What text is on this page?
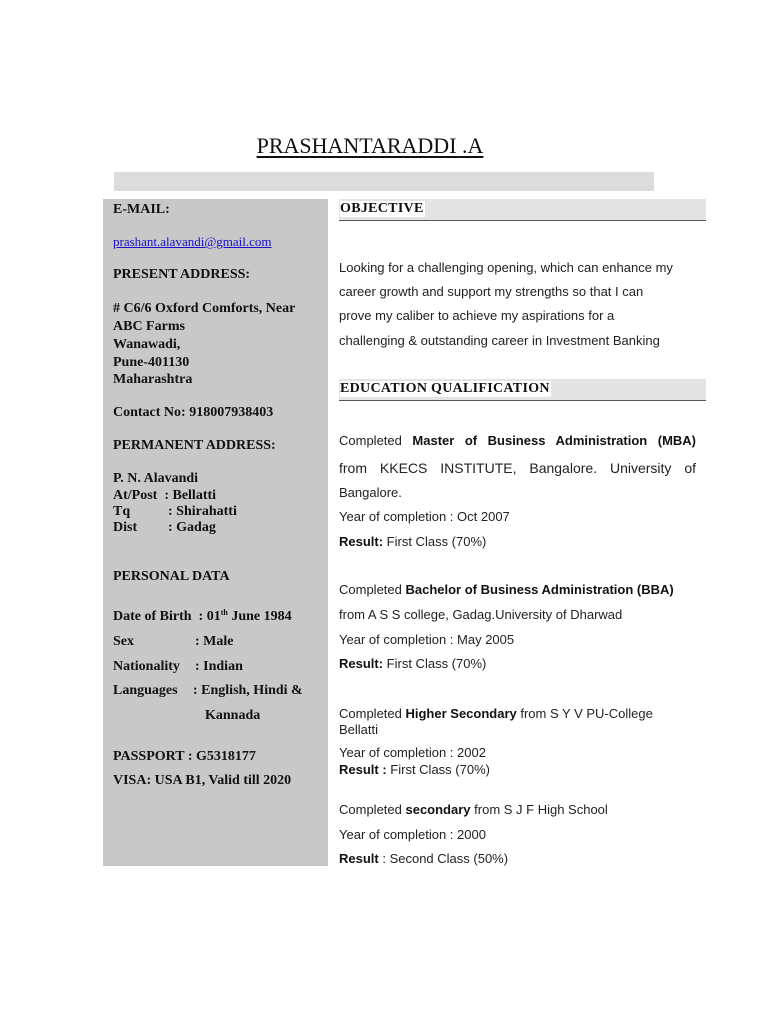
PRASHANTARADDI .A
E-MAIL:
prashant.alavandi@gmail.com
PRESENT ADDRESS:
# C6/6 Oxford Comforts, Near
ABC Farms
Wanawadi,
Pune-401130
Maharashtra
Contact No: 918007938403
PERMANENT ADDRESS:
P. N. Alavandi
At/Post : Bellatti
Tq	: Shirahatti
Dist : Gadag
PERSONAL DATA
Date of Birth : 01th June 1984
Sex	: Male
Nationality : Indian
Languages : English, Hindi &
Kannada
PASSPORT : G5318177
VISA: USA B1, Valid till 2020
OBJECTIVE
Looking for a challenging opening, which can enhance my
career growth and support my strengths so that I can
prove my caliber to achieve my aspirations for a
challenging & outstanding career in Investment Banking
EDUCATION QUALIFICATION
Completed Master of Business Administration (MBA)
from KKECS INSTITUTE, Bangalore. University of
Bangalore.
Year of completion : Oct 2007
Result: First Class (70%)
Completed Bachelor of Business Administration (BBA)
from A S S college, Gadag.University of Dharwad
Year of completion : May 2005
Result: First Class (70%)
Completed Higher Secondary from S Y V PU-College
Bellatti
Year of completion : 2002
Result : First Class (70%)
Completed secondary from S J F High School
Year of completion : 2000
Result : Second Class (50%)
